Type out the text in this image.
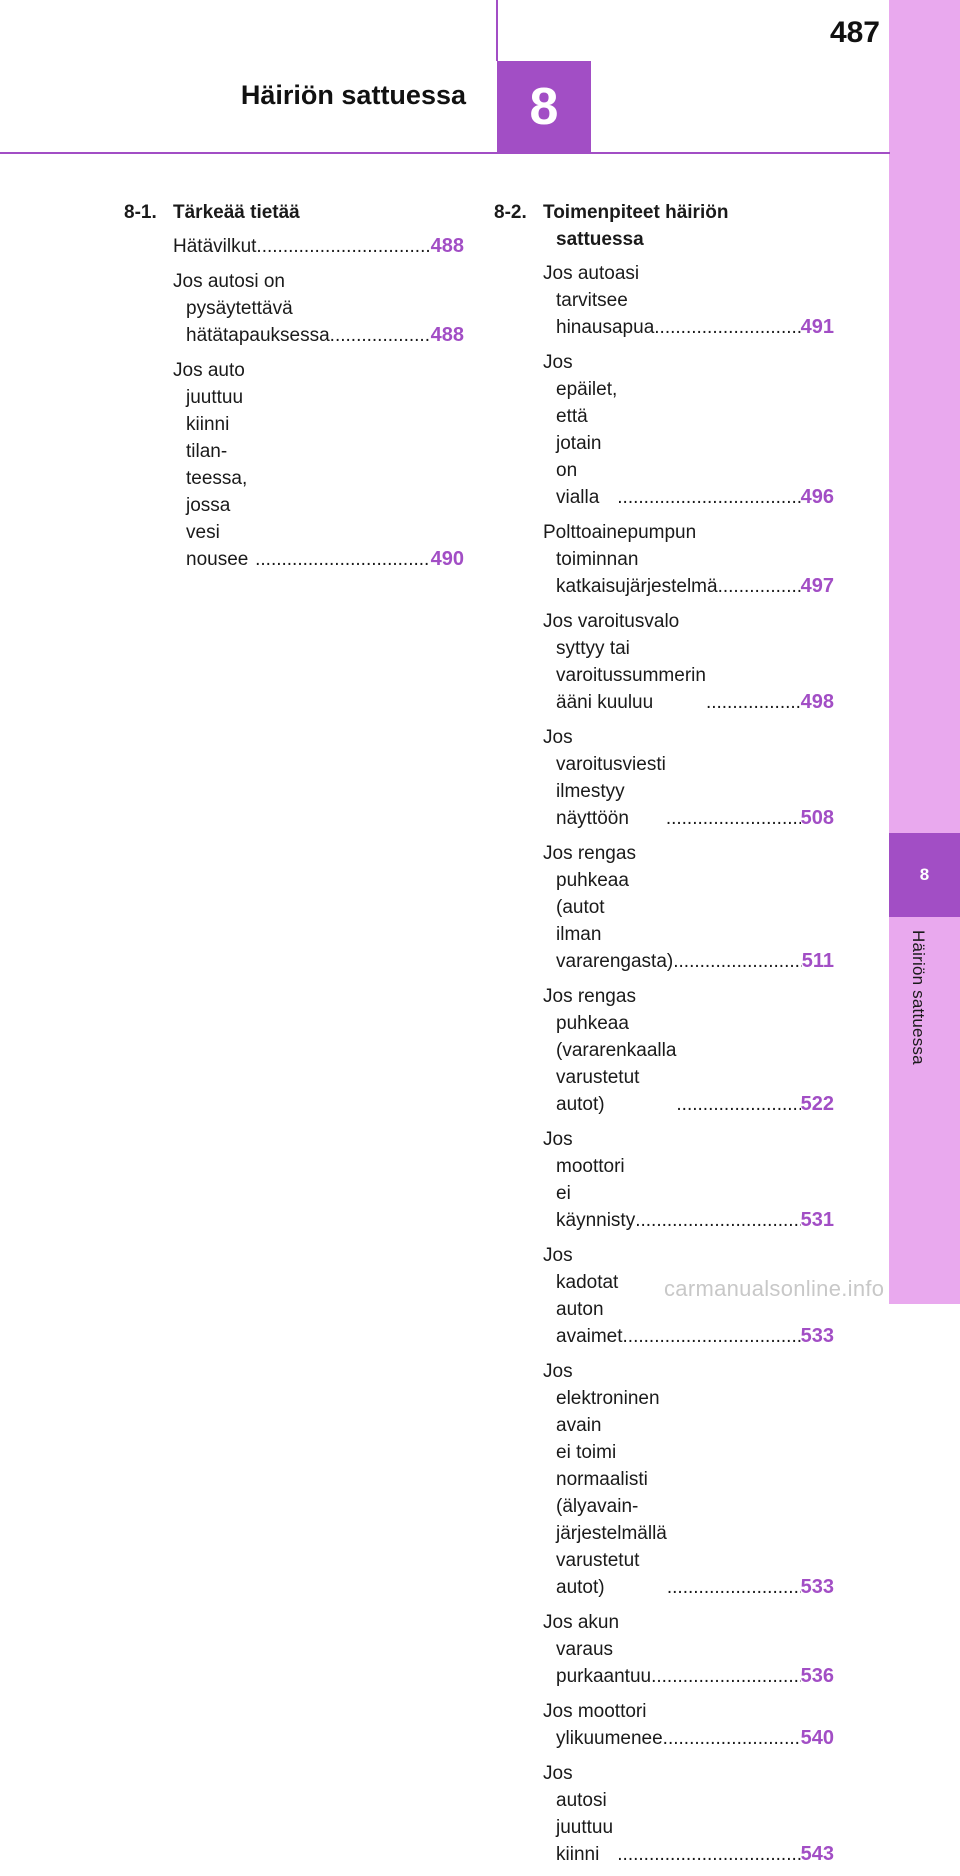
8
Häiriön sattuessa
487
Häiriön sattuessa	8
8-1. Tärkeää tietää
Hätävilkut .....	488
Jos autosi on pysäytettävä
hätätapauksessa .....	488
Jos auto juuttuu kiinni tilan-
teessa, jossa
vesi nousee .....	490
8-2. Toimenpiteet häiriön
sattuessa
Jos autoasi tarvitsee
hinausapua .....	491
Jos epäilet, että jotain
on vialla .....	496
Polttoainepumpun toiminnan
katkaisujärjestelmä .....	497
Jos varoitusvalo syttyy tai
varoitussummerin
ääni kuuluu .....	498
Jos varoitusviesti ilmestyy
näyttöön .....	508
Jos rengas puhkeaa (autot
ilman vararengasta) .....	511
Jos rengas puhkeaa
(vararenkaalla varustetut
autot) .....	522
Jos moottori ei
käynnisty .....	531
Jos kadotat auton
avaimet .....	533
Jos elektroninen avain
ei toimi normaalisti (älyavain-
järjestelmällä varustetut autot) .....	533
Jos akun varaus
purkaantuu .....	536
Jos moottori
ylikuumenee .....	540
Jos autosi juuttuu kiinni .....	543
carmanualsonline.info
